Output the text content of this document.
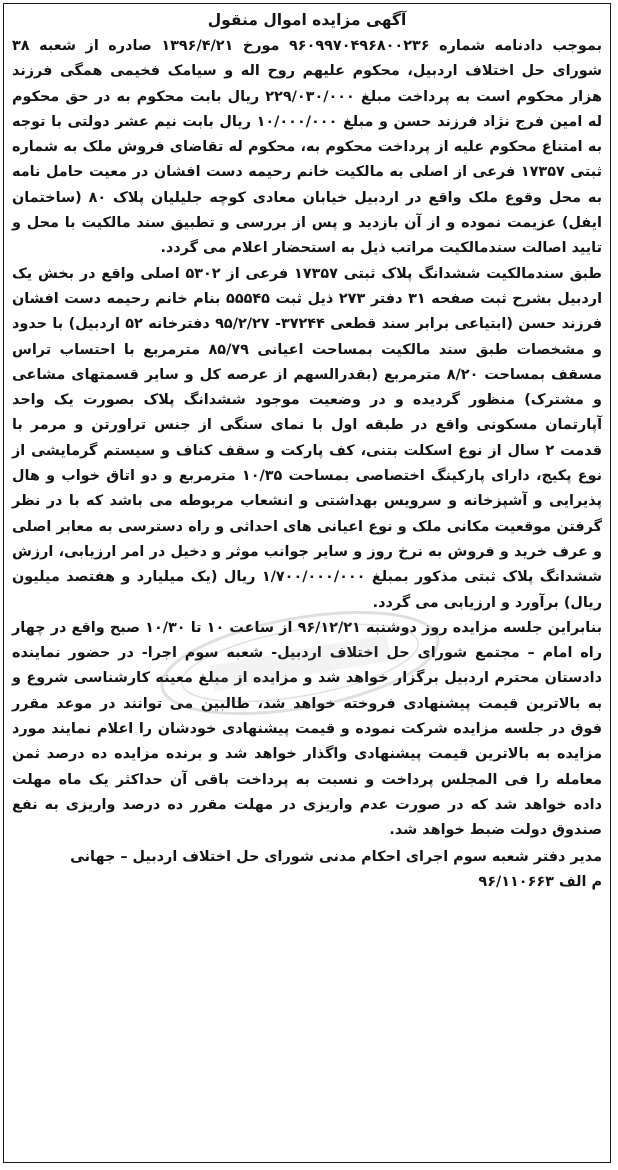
آگهی مزایده اموال منقول

بموجب دادنامه شماره ۹۶۰۹۹۷۰۴۹۶۸۰۰۲۳۶ مورخ ۱۳۹۶/۴/۲۱ صادره از شعبه ۳۸ شورای حل اختلاف اردبیل، محکوم علیهم روح اله و سیامک فخیمی همگی فرزند هزار محکوم است به پرداخت مبلغ ۲۲۹/۰۳۰/۰۰۰ ریال بابت محکوم به در حق محکوم له امین فرج نژاد فرزند حسن و مبلغ ۱۰/۰۰۰/۰۰۰ ریال بابت نیم عشر دولتی با توجه به امتناع محکوم علیه از پرداخت محکوم به، محکوم له تقاضای فروش ملک به شماره ثبتی ۱۷۳۵۷ فرعی از اصلی به مالکیت خانم رحیمه دست افشان در معیت حامل نامه به محل وقوع ملک واقع در اردبیل خیابان معادی کوچه جلیلیان پلاک ۸۰ (ساختمان ایفل) عزیمت نموده و از آن بازدید و پس از بررسی و تطبیق سند مالکیت با محل و تایید اصالت سندمالکیت مراتب ذیل به استحضار اعلام می گردد.

طبق سندمالکیت ششدانگ پلاک ثبتی ۱۷۳۵۷ فرعی از ۵۳۰۲ اصلی واقع در بخش یک اردبیل بشرح ثبت صفحه ۳۱ دفتر ۲۷۳ ذیل ثبت ۵۵۵۴۵ بنام خانم رحیمه دست افشان فرزند حسن (ابتیاعی برابر سند قطعی ۳۷۲۴۴- ۹۵/۲/۲۷ دفترخانه ۵۲ اردبیل) با حدود و مشخصات طبق سند مالکیت بمساحت اعیانی ۸۵/۷۹ مترمربع با احتساب تراس مسقف بمساحت ۸/۲۰ مترمربع (بقدرالسهم از عرصه کل و سایر قسمتهای مشاعی و مشترک) منظور گردیده و در وضعیت موجود ششدانگ پلاک بصورت یک واحد آپارتمان مسکونی واقع در طبقه اول با نمای سنگی از جنس تراورتن و مرمر با قدمت ۲ سال از نوع اسکلت بتنی، کف پارکت و سقف کناف و سیستم گرمایشی از نوع پکیج، دارای پارکینگ اختصاصی بمساحت ۱۰/۳۵ مترمربع و دو اتاق خواب و هال پذیرایی و آشپزخانه و سرویس بهداشتی و انشعاب مربوطه می باشد که با در نظر گرفتن موقعیت مکانی ملک و نوع اعیانی های احداثی و راه دسترسی به معابر اصلی و عرف خرید و فروش به نرخ روز و سایر جوانب موثر و دخیل در امر ارزیابی، ارزش ششدانگ پلاک ثبتی مذکور بمبلغ ۱/۷۰۰/۰۰۰/۰۰۰ ریال (یک میلیارد و هفتصد میلیون ریال) برآورد و ارزیابی می گردد.

بنابراین جلسه مزایده روز دوشنبه ۹۶/۱۲/۲۱ از ساعت ۱۰ تا ۱۰/۳۰ صبح واقع در چهار راه امام – مجتمع شورای حل اختلاف اردبیل- شعبه سوم اجرا- در حضور نماینده دادستان محترم اردبیل برگزار خواهد شد و مزایده از مبلغ معینه کارشناسی شروع و به بالاترین قیمت پیشنهادی فروخته خواهد شد، طالبین می توانند در موعد مقرر فوق در جلسه مزایده شرکت نموده و قیمت پیشنهادی خودشان را اعلام نمایند مورد مزایده به بالاترین قیمت پیشنهادی واگذار خواهد شد و برنده مزایده ده درصد ثمن معامله را فی المجلس پرداخت و نسبت به پرداخت باقی آن حداکثر یک ماه مهلت داده خواهد شد که در صورت عدم واریزی در مهلت مقرر ده درصد واریزی به نفع صندوق دولت ضبط خواهد شد.

مدیر دفتر شعبه سوم اجرای احکام مدنی شورای حل اختلاف اردبیل – جهانی
م الف ۹۶/۱۱۰۶۶۳
